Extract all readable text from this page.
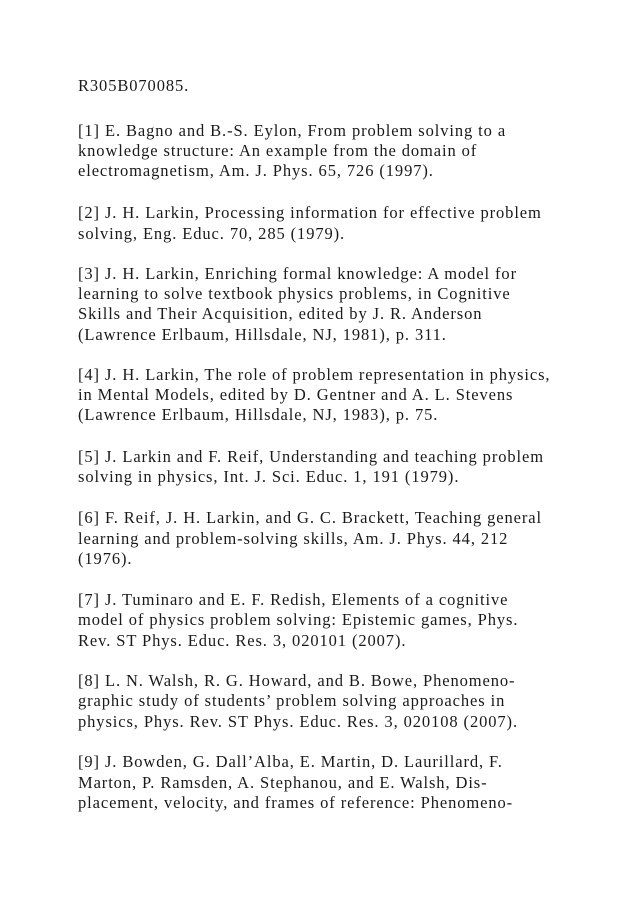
R305B070085.

[1] E. Bagno and B.-S. Eylon, From problem solving to a

knowledge structure: An example from the domain of

electromagnetism, Am. J. Phys. 65, 726 (1997).

[2] J. H. Larkin, Processing information for effective problem

solving, Eng. Educ. 70, 285 (1979).

[3] J. H. Larkin, Enriching formal knowledge: A model for

learning to solve textbook physics problems, in Cognitive

Skills and Their Acquisition, edited by J. R. Anderson

(Lawrence Erlbaum, Hillsdale, NJ, 1981), p. 311.

[4] J. H. Larkin, The role of problem representation in physics,

in Mental Models, edited by D. Gentner and A. L. Stevens

(Lawrence Erlbaum, Hillsdale, NJ, 1983), p. 75.

[5] J. Larkin and F. Reif, Understanding and teaching problem

solving in physics, Int. J. Sci. Educ. 1, 191 (1979).

[6] F. Reif, J. H. Larkin, and G. C. Brackett, Teaching general

learning and problem-solving skills, Am. J. Phys. 44, 212

(1976).

[7] J. Tuminaro and E. F. Redish, Elements of a cognitive

model of physics problem solving: Epistemic games, Phys.

Rev. ST Phys. Educ. Res. 3, 020101 (2007).

[8] L. N. Walsh, R. G. Howard, and B. Bowe, Phenomeno-

graphic study of students’ problem solving approaches in

physics, Phys. Rev. ST Phys. Educ. Res. 3, 020108 (2007).

[9] J. Bowden, G. Dall’Alba, E. Martin, D. Laurillard, F.

Marton, P. Ramsden, A. Stephanou, and E. Walsh, Dis-

placement, velocity, and frames of reference: Phenomeno-
